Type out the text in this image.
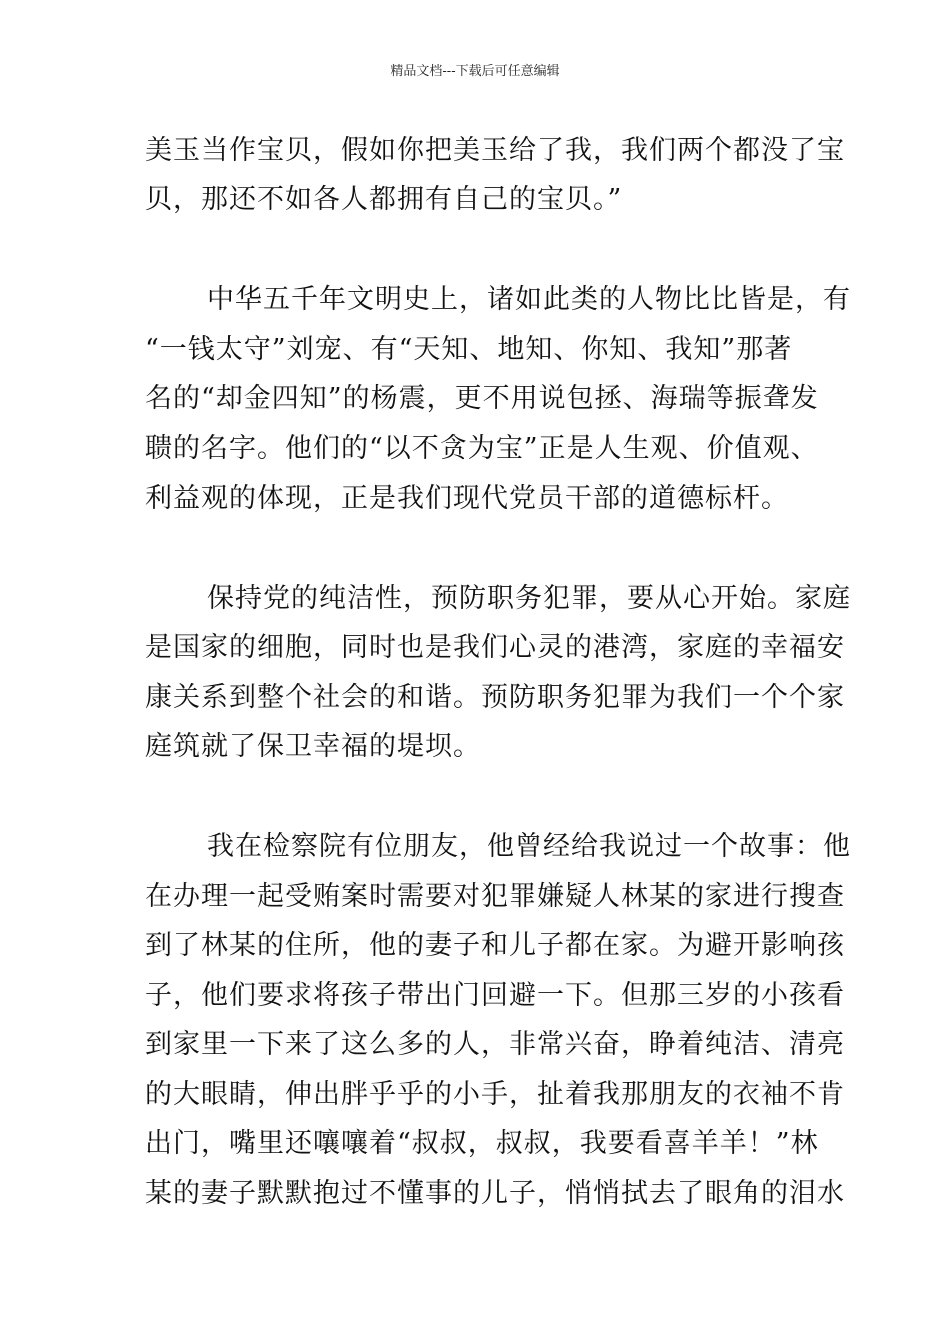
精品文档---下载后可任意编辑
美玉当作宝贝，假如你把美玉给了我，我们两个都没了宝
贝，那还不如各人都拥有自己的宝贝。”
中华五千年文明史上，诸如此类的人物比比皆是，有
“一钱太守”刘宠、有“天知、地知、你知、我知”那著
名的“却金四知”的杨震，更不用说包拯、海瑞等振聋发
聩的名字。他们的“以不贪为宝”正是人生观、价值观、
利益观的体现，正是我们现代党员干部的道德标杆。
保持党的纯洁性，预防职务犯罪，要从心开始。家庭
是国家的细胞，同时也是我们心灵的港湾，家庭的幸福安
康关系到整个社会的和谐。预防职务犯罪为我们一个个家
庭筑就了保卫幸福的堤坝。
我在检察院有位朋友，他曾经给我说过一个故事：他
在办理一起受贿案时需要对犯罪嫌疑人林某的家进行搜查
到了林某的住所，他的妻子和儿子都在家。为避开影响孩
子，他们要求将孩子带出门回避一下。但那三岁的小孩看
到家里一下来了这么多的人，非常兴奋，睁着纯洁、清亮
的大眼睛，伸出胖乎乎的小手，扯着我那朋友的衣袖不肯
出门，嘴里还嚷嚷着“叔叔，叔叔，我要看喜羊羊！”林
某的妻子默默抱过不懂事的儿子，悄悄拭去了眼角的泪水
